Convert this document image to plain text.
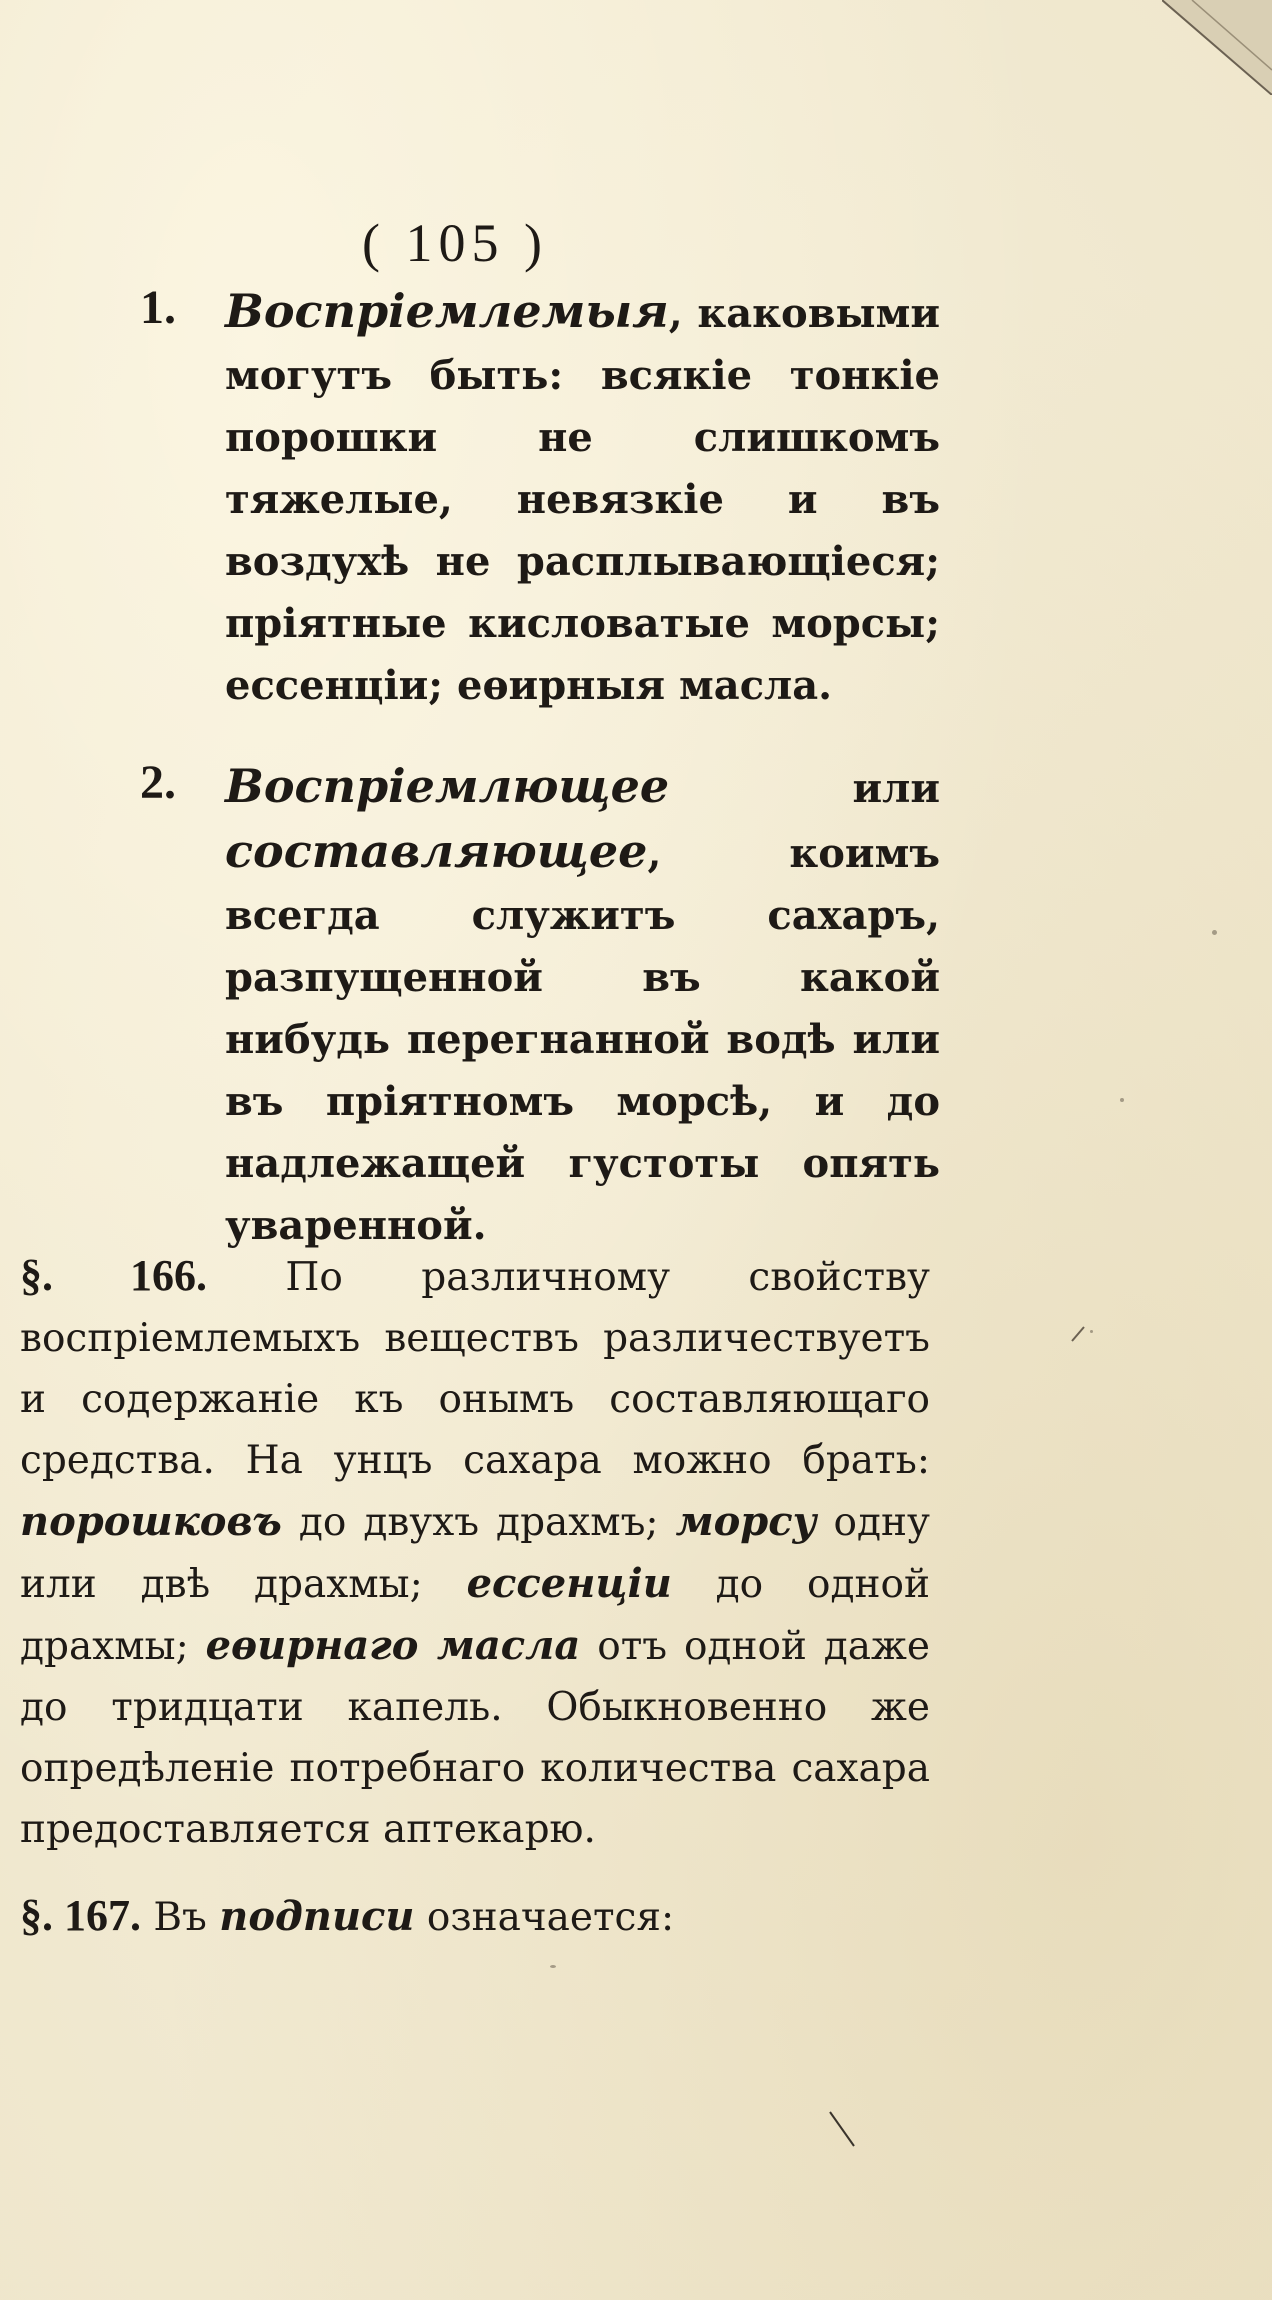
( 105 )
1. Воспріемлемыя, каковыми могутъ быть: всякіе тонкіе порошки не слишкомъ тяжелые, невязкіе и въ воздухѣ не расплывающіеся; пріятные кисловатые морсы; ессенціи; еѳирныя масла.
2. Воспріемлющее или составляющее, коимъ всегда служитъ сахаръ, разпущенной въ какой нибудь перегнанной водѣ или въ пріятномъ морсѣ, и до надлежащей густоты опять уваренной.
§. 166. По различному свойству воспріемлемыхъ веществъ различествуетъ и содержаніе къ онымъ составляющаго средства. На унцъ сахара можно брать: порошковъ до двухъ драхмъ; морсу одну или двѣ драхмы; ессенціи до одной драхмы; еѳирнаго масла отъ одной даже до тридцати капель. Обыкновенно же опредѣленіе потребнаго количества сахара предоставляется аптекарю.
§. 167. Въ подписи означается:
